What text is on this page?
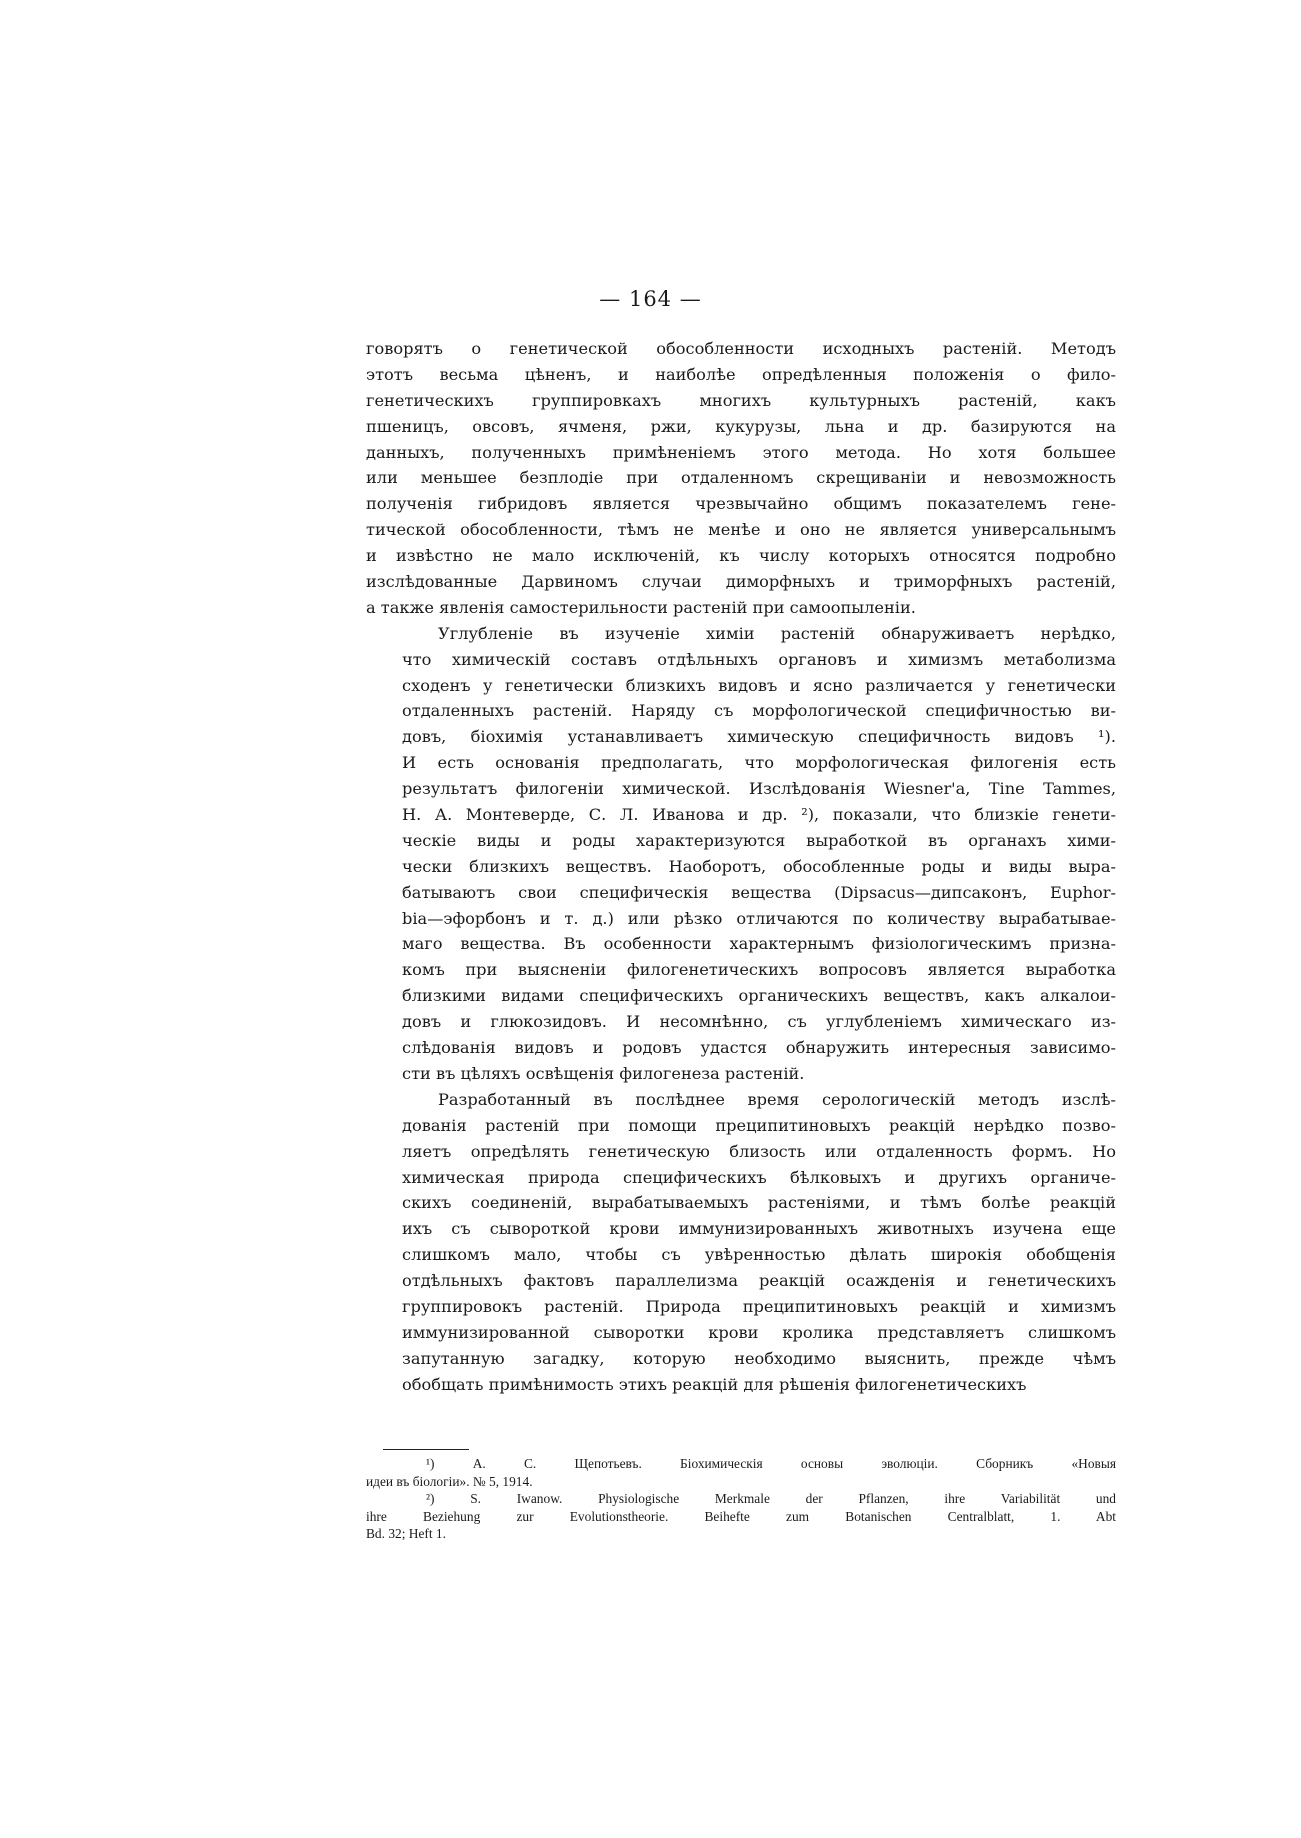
— 164 —

говорятъ о генетической обособленности исходныхъ растеній. Методъ
этотъ весьма цѣненъ, и наиболѣе опредѣленныя положенія о фило-
генетическихъ группировкахъ многихъ культурныхъ растеній, какъ
пшеницъ, овсовъ, ячменя, ржи, кукурузы, льна и др. базируются на
данныхъ, полученныхъ примѣненіемъ этого метода. Но хотя большее
или меньшее безплодіе при отдаленномъ скрещиваніи и невозможность
полученія гибридовъ является чрезвычайно общимъ показателемъ гене-
тической обособленности, тѣмъ не менѣе и оно не является универсальнымъ
и извѣстно не мало исключеній, къ числу которыхъ относятся подробно
изслѣдованные Дарвиномъ случаи диморфныхъ и триморфныхъ растеній,
а также явленія самостерильности растеній при самоопыленіи.

Углубленіе въ изученіе химіи растеній обнаруживаетъ нерѣдко,
что химическій составъ отдѣльныхъ органовъ и химизмъ метаболизма
сходенъ у генетически близкихъ видовъ и ясно различается у генетически
отдаленныхъ растеній. Наряду съ морфологической специфичностью ви-
довъ, біохимія устанавливаетъ химическую специфичность видовъ ¹).
И есть основанія предполагать, что морфологическая филогенія есть
результатъ филогеніи химической. Изслѣдованія Wiesner'a, Tine Tammes,
Н. А. Монтеверде, С. Л. Иванова и др. ²), показали, что близкіе генети-
ческіе виды и роды характеризуются выработкой въ органахъ хими-
чески близкихъ веществъ. Наоборотъ, обособленные роды и виды выра-
батываютъ свои специфическія вещества (Dipsacus—дипсаконъ, Euphor-
bia—эфорбонъ и т. д.) или рѣзко отличаются по количеству вырабатывае-
маго вещества. Въ особенности характернымъ физіологическимъ призна-
комъ при выясненіи филогенетическихъ вопросовъ является выработка
близкими видами специфическихъ органическихъ веществъ, какъ алкалои-
довъ и глюкозидовъ. И несомнѣнно, съ углубленіемъ химическаго из-
слѣдованія видовъ и родовъ удастся обнаружить интересныя зависимо-
сти въ цѣляхъ освѣщенія филогенеза растеній.

Разработанный въ послѣднее время серологическій методъ изслѣ-
дованія растеній при помощи преципитиновыхъ реакцій нерѣдко позво-
ляетъ опредѣлять генетическую близость или отдаленность формъ. Но
химическая природа специфическихъ бѣлковыхъ и другихъ органиче-
скихъ соединеній, вырабатываемыхъ растеніями, и тѣмъ болѣе реакцій
ихъ съ сывороткой крови иммунизированныхъ животныхъ изучена еще
слишкомъ мало, чтобы съ увѣренностью дѣлать широкія обобщенія
отдѣльныхъ фактовъ параллелизма реакцій осажденія и генетическихъ
группировокъ растеній. Природа преципитиновыхъ реакцій и химизмъ
иммунизированной сыворотки крови кролика представляетъ слишкомъ
запутанную загадку, которую необходимо выяснить, прежде чѣмъ
обобщать примѣнимость этихъ реакцій для рѣшенія филогенетическихъ

¹) А. С. Щепотьевъ. Біохимическія основы эволюціи. Сборникъ «Новыя
идеи въ біологіи». № 5, 1914.
²) S. Iwanow. Physiologische Merkmale der Pflanzen, ihre Variabilität und
ihre Beziehung zur Evolutionstheorie. Beihefte zum Botanischen Centralblatt, 1. Abt
Bd. 32; Heft 1.
